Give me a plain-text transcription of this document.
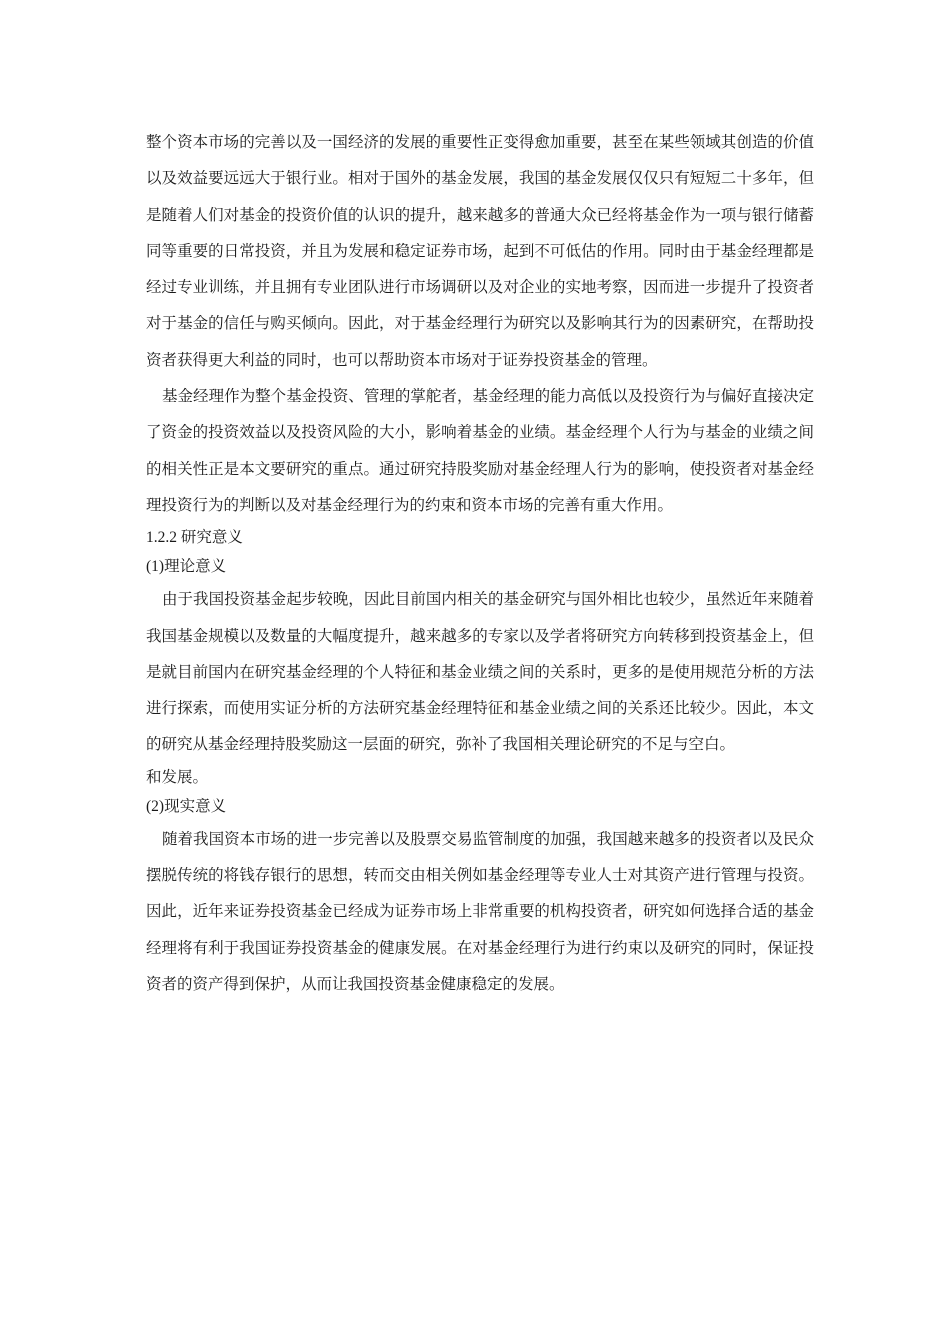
整个资本市场的完善以及一国经济的发展的重要性正变得愈加重要，甚至在某些领域其创造的价值以及效益要远远大于银行业。相对于国外的基金发展，我国的基金发展仅仅只有短短二十多年，但是随着人们对基金的投资价值的认识的提升，越来越多的普通大众已经将基金作为一项与银行储蓄同等重要的日常投资，并且为发展和稳定证券市场，起到不可低估的作用。同时由于基金经理都是经过专业训练，并且拥有专业团队进行市场调研以及对企业的实地考察，因而进一步提升了投资者对于基金的信任与购买倾向。因此，对于基金经理行为研究以及影响其行为的因素研究，在帮助投资者获得更大利益的同时，也可以帮助资本市场对于证券投资基金的管理。

基金经理作为整个基金投资、管理的掌舵者，基金经理的能力高低以及投资行为与偏好直接决定了资金的投资效益以及投资风险的大小，影响着基金的业绩。基金经理个人行为与基金的业绩之间的相关性正是本文要研究的重点。通过研究持股奖励对基金经理人行为的影响，使投资者对基金经理投资行为的判断以及对基金经理行为的约束和资本市场的完善有重大作用。

1.2.2 研究意义

(1)理论意义

由于我国投资基金起步较晚，因此目前国内相关的基金研究与国外相比也较少，虽然近年来随着我国基金规模以及数量的大幅度提升，越来越多的专家以及学者将研究方向转移到投资基金上，但是就目前国内在研究基金经理的个人特征和基金业绩之间的关系时，更多的是使用规范分析的方法进行探索，而使用实证分析的方法研究基金经理特征和基金业绩之间的关系还比较少。因此，本文的研究从基金经理持股奖励这一层面的研究，弥补了我国相关理论研究的不足与空白。

和发展。

(2)现实意义

随着我国资本市场的进一步完善以及股票交易监管制度的加强，我国越来越多的投资者以及民众摆脱传统的将钱存银行的思想，转而交由相关例如基金经理等专业人士对其资产进行管理与投资。因此，近年来证券投资基金已经成为证券市场上非常重要的机构投资者，研究如何选择合适的基金经理将有利于我国证券投资基金的健康发展。在对基金经理行为进行约束以及研究的同时，保证投资者的资产得到保护，从而让我国投资基金健康稳定的发展。
